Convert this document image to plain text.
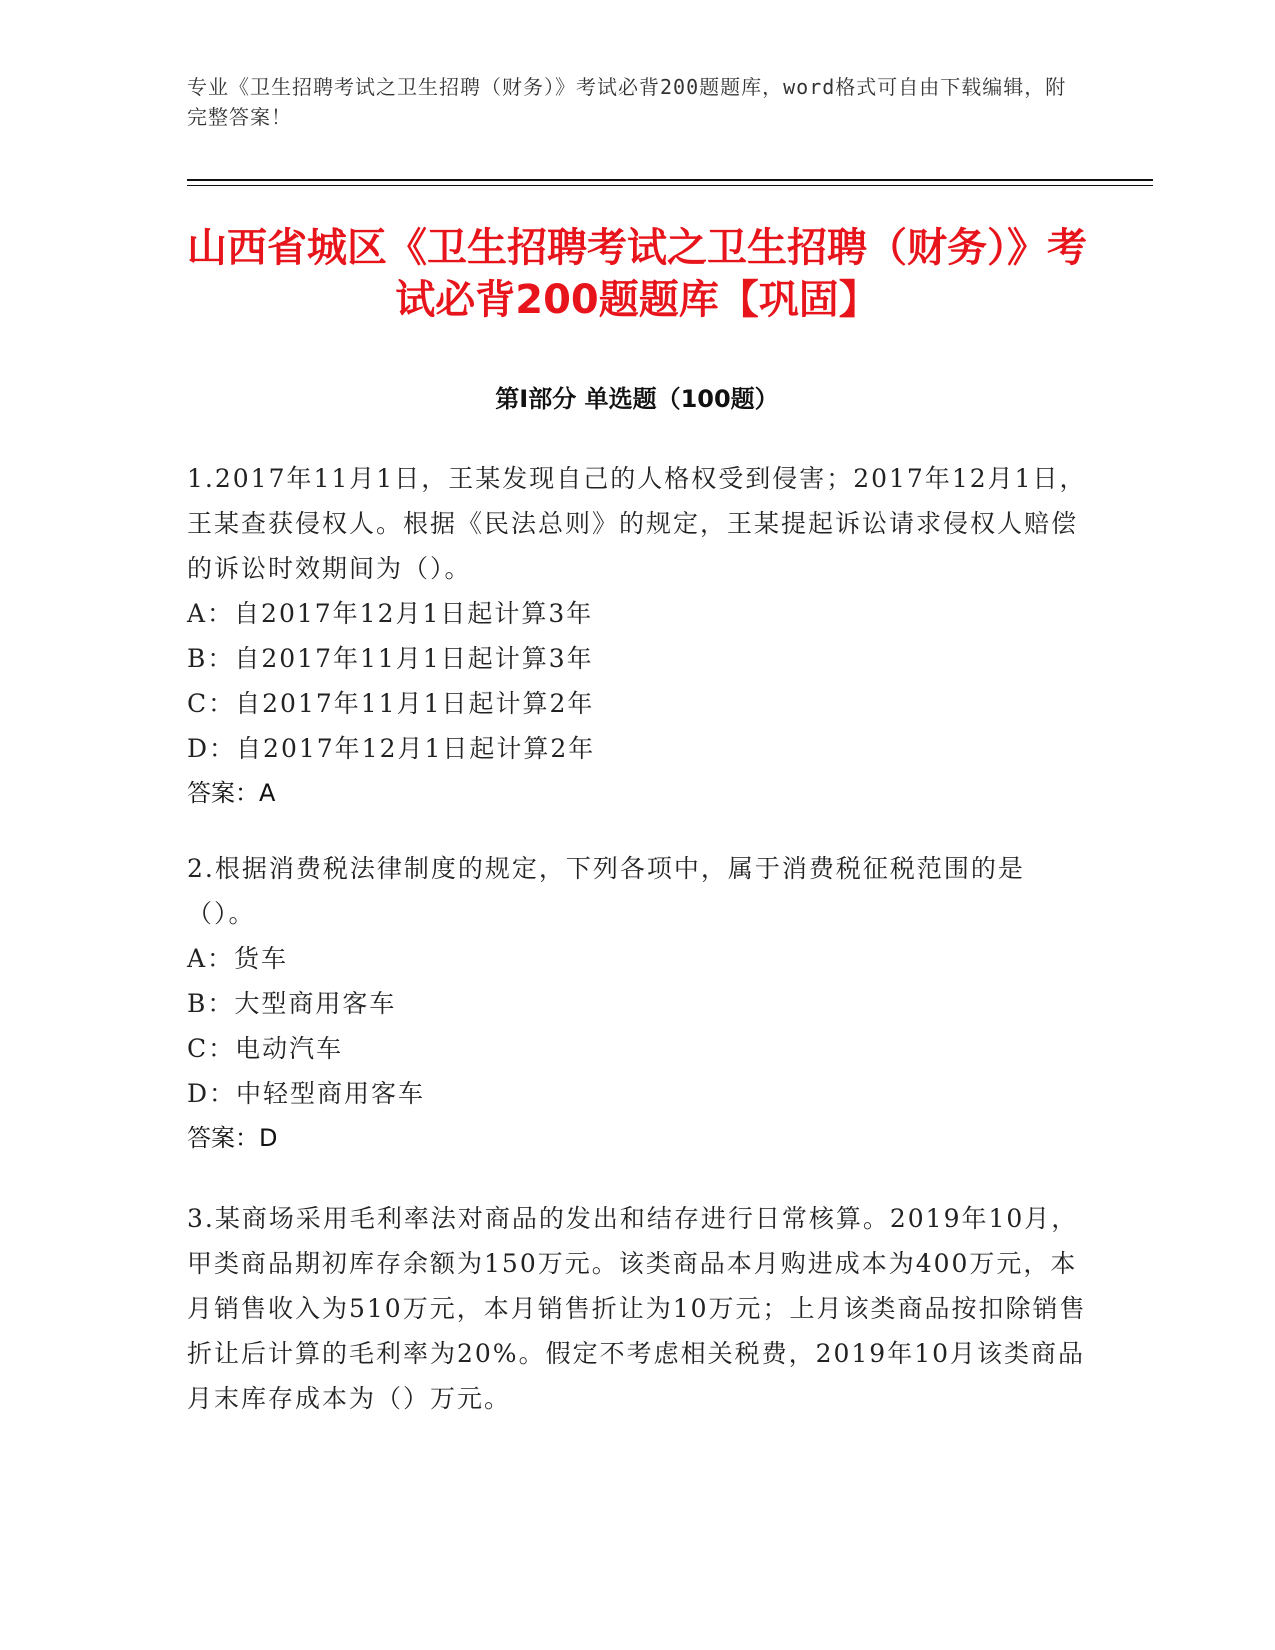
专业《卫生招聘考试之卫生招聘（财务）》考试必背200题题库，word格式可自由下载编辑，附完整答案！
山西省城区《卫生招聘考试之卫生招聘（财务）》考试必背200题题库【巩固】
第Ⅰ部分 单选题（100题）

1.2017年11月1日，王某发现自己的人格权受到侵害；2017年12月1日，王某查获侵权人。根据《民法总则》的规定，王某提起诉讼请求侵权人赔偿的诉讼时效期间为（）。

A：自2017年12月1日起计算3年

B：自2017年11月1日起计算3年

C：自2017年11月1日起计算2年

D：自2017年12月1日起计算2年

答案：A

2.根据消费税法律制度的规定，下列各项中，属于消费税征税范围的是（）。

A：货车

B：大型商用客车

C：电动汽车

D：中轻型商用客车

答案：D

3.某商场采用毛利率法对商品的发出和结存进行日常核算。2019年10月，甲类商品期初库存余额为150万元。该类商品本月购进成本为400万元，本月销售收入为510万元，本月销售折让为10万元；上月该类商品按扣除销售折让后计算的毛利率为20%。假定不考虑相关税费，2019年10月该类商品月末库存成本为（）万元。
